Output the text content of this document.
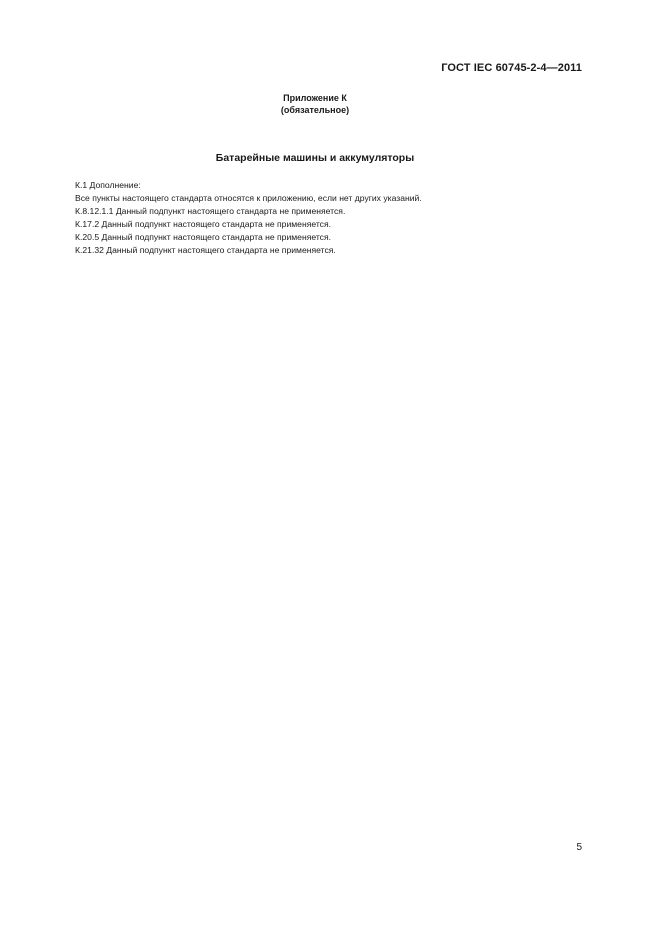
ГОСТ IEC 60745-2-4—2011
Приложение К
(обязательное)
Батарейные машины и аккумуляторы
К.1 Дополнение:
Все пункты настоящего стандарта относятся к приложению, если нет других указаний.
К.8.12.1.1 Данный подпункт настоящего стандарта не применяется.
К.17.2 Данный подпункт настоящего стандарта не применяется.
К.20.5 Данный подпункт настоящего стандарта не применяется.
К.21.32 Данный подпункт настоящего стандарта не применяется.
5
